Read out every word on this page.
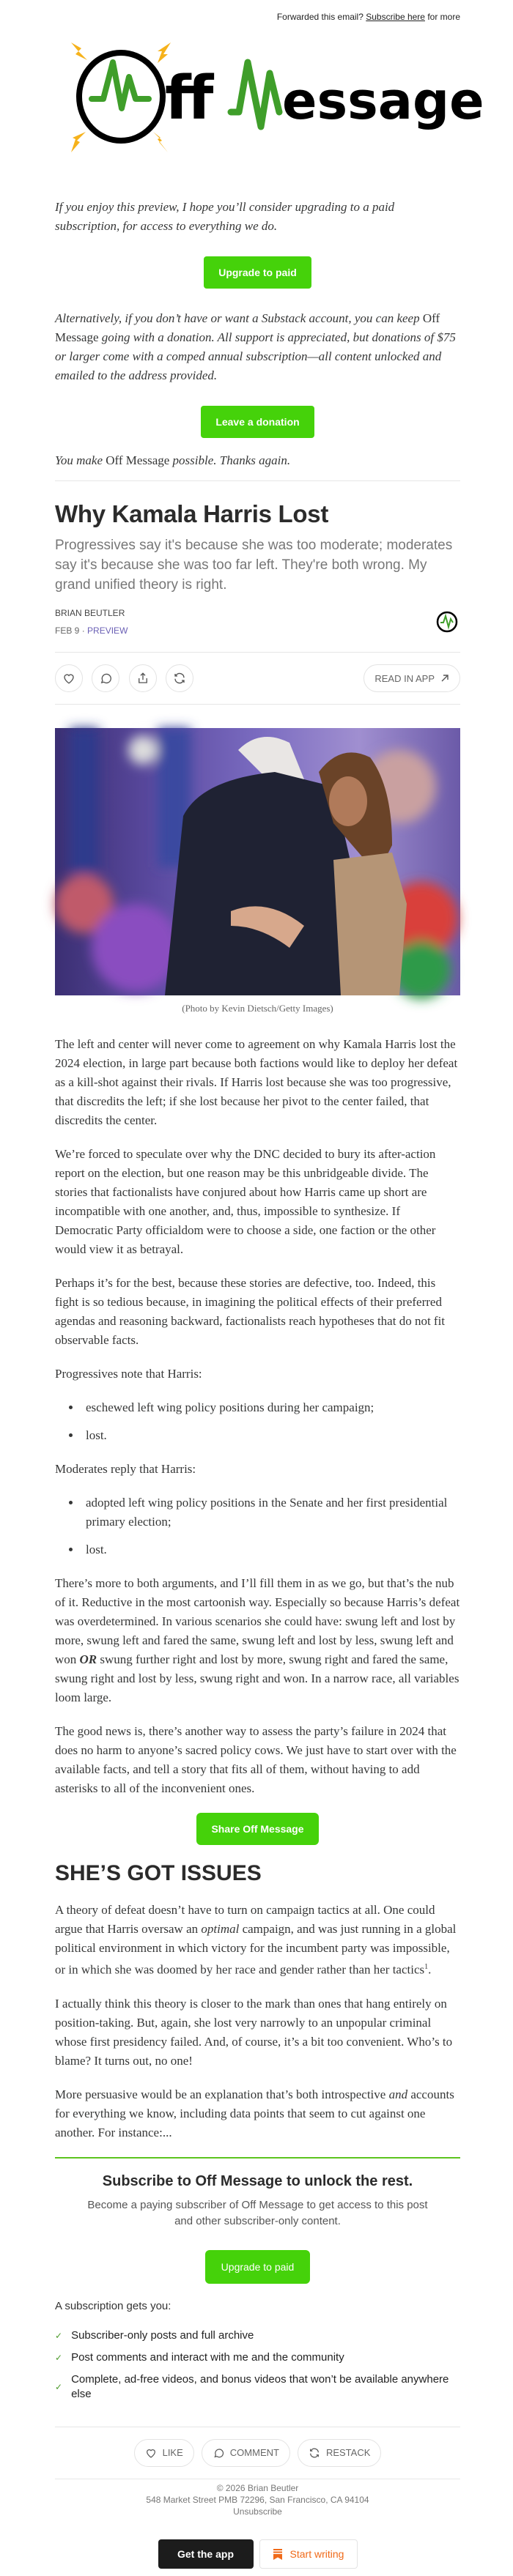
Forwarded this email? Subscribe here for more
ff essage

If you enjoy this preview, I hope you’ll consider upgrading to a paid subscription, for access to everything we do.

Upgrade to paid

Alternatively, if you don’t have or want a Substack account, you can keep Off Message going with a donation. All support is appreciated, but donations of $75 or larger come with a comped annual subscription—all content unlocked and emailed to the address provided.

Leave a donation

You make Off Message possible. Thanks again.

Why Kamala Harris Lost
Progressives say it's because she was too moderate; moderates say it's because she was too far left. They're both wrong. My grand unified theory is right.
BRIAN BEUTLER
FEB 9 · PREVIEW

READ IN APP
(Photo by Kevin Dietsch/Getty Images)

The left and center will never come to agreement on why Kamala Harris lost the 2024 election, in large part because both factions would like to deploy her defeat as a kill-shot against their rivals. If Harris lost because she was too progressive, that discredits the left; if she lost because her pivot to the center failed, that discredits the center.

We’re forced to speculate over why the DNC decided to bury its after-action report on the election, but one reason may be this unbridgeable divide. The stories that factionalists have conjured about how Harris came up short are incompatible with one another, and, thus, impossible to synthesize. If Democratic Party officialdom were to choose a side, one faction or the other would view it as betrayal.

Perhaps it’s for the best, because these stories are defective, too. Indeed, this fight is so tedious because, in imagining the political effects of their preferred agendas and reasoning backward, factionalists reach hypotheses that do not fit observable facts.

Progressives note that Harris:

• eschewed left wing policy positions during her campaign;
• lost.

Moderates reply that Harris:

• adopted left wing policy positions in the Senate and her first presidential primary election;
• lost.

There’s more to both arguments, and I’ll fill them in as we go, but that’s the nub of it. Reductive in the most cartoonish way. Especially so because Harris’s defeat was overdetermined. In various scenarios she could have: swung left and lost by more, swung left and fared the same, swung left and lost by less, swung left and won OR swung further right and lost by more, swung right and fared the same, swung right and lost by less, swung right and won. In a narrow race, all variables loom large.

The good news is, there’s another way to assess the party’s failure in 2024 that does no harm to anyone’s sacred policy cows. We just have to start over with the available facts, and tell a story that fits all of them, without having to add asterisks to all of the inconvenient ones.

Share Off Message
SHE’S GOT ISSUES

A theory of defeat doesn’t have to turn on campaign tactics at all. One could argue that Harris oversaw an optimal campaign, and was just running in a global political environment in which victory for the incumbent party was impossible, or in which she was doomed by her race and gender rather than her tactics$^1$.

I actually think this theory is closer to the mark than ones that hang entirely on position-taking. But, again, she lost very narrowly to an unpopular criminal whose first presidency failed. And, of course, it’s a bit too convenient. Who’s to blame? It turns out, no one!

More persuasive would be an explanation that’s both introspective and accounts for everything we know, including data points that seem to cut against one another. For instance:...

Subscribe to Off Message to unlock the rest.
Become a paying subscriber of Off Message to get access to this post and other subscriber-only content.
Upgrade to paid
A subscription gets you:
✓ Subscriber-only posts and full archive
✓ Post comments and interact with me and the community
✓
Complete, ad-free videos, and bonus videos that won’t be available anywhere else
LIKE	COMMENT	RESTACK
© 2026 Brian Beutler
548 Market Street PMB 72296, San Francisco, CA 94104
Unsubscribe
Get the app	Start writing
